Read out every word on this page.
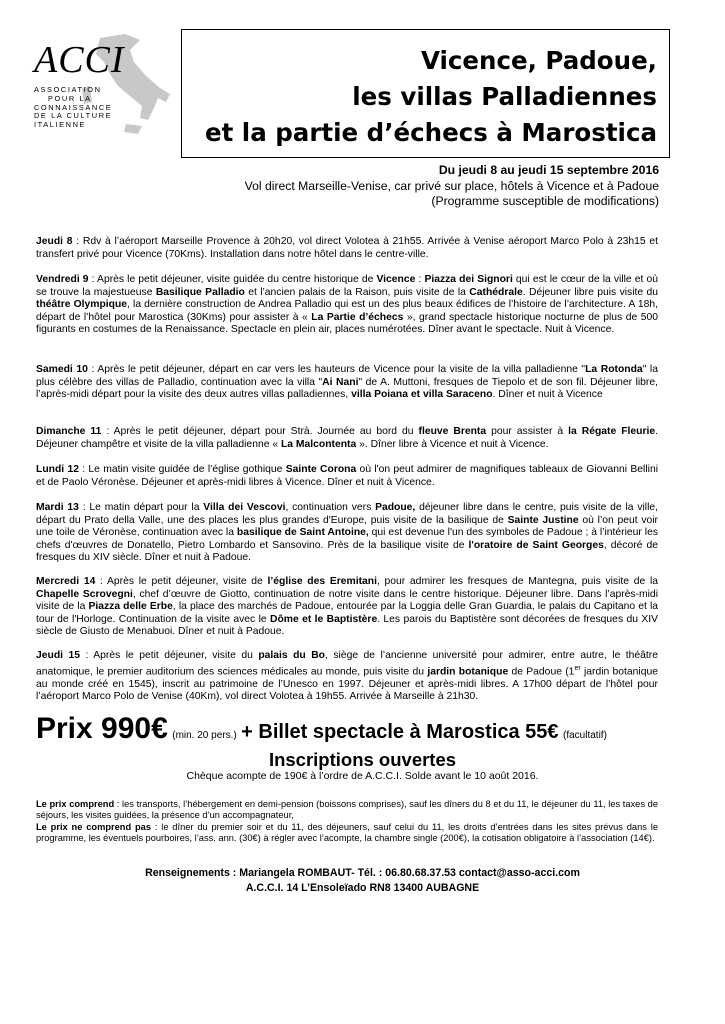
ACCI
ASSOCIATION
POUR LA
CONNAISSANCE
DE LA CULTURE
ITALIENNE
Vicence, Padoue,
les villas Palladiennes
et la partie d’échecs à Marostica
Du jeudi 8 au jeudi 15 septembre 2016
Vol direct Marseille-Venise, car privé sur place, hôtels à Vicence et à Padoue
(Programme susceptible de modifications)
Jeudi 8 : Rdv à l’aéroport Marseille Provence à 20h20, vol direct Volotea à 21h55. Arrivée à Venise aéroport Marco Polo à 23h15 et transfert privé pour Vicence (70Kms). Installation dans notre hôtel dans le centre-ville.
Vendredi 9 : Après le petit déjeuner, visite guidée du centre historique de Vicence : Piazza dei Signori qui est le cœur de la ville et où se trouve la majestueuse Basilique Palladio et l’ancien palais de la Raison, puis visite de la Cathédrale. Déjeuner libre puis visite du théâtre Olympique, la dernière construction de Andrea Palladio qui est un des plus beaux édifices de l’histoire de l’architecture. A 18h, départ de l’hôtel pour Marostica (30Kms) pour assister à « La Partie d’échecs », grand spectacle historique nocturne de plus de 500 figurants en costumes de la Renaissance. Spectacle en plein air, places numérotées. Dîner avant le spectacle. Nuit à Vicence.
Samedi 10 : Après le petit déjeuner, départ en car vers les hauteurs de Vicence pour la visite de la villa palladienne "La Rotonda" la plus célèbre des villas de Palladio, continuation avec la villa "Ai Nani" de A. Muttoni, fresques de Tiepolo et de son fil. Déjeuner libre, l’après-midi départ pour la visite des deux autres villas palladiennes, villa Poiana et villa Saraceno. Dîner et nuit à Vicence
Dimanche 11 : Après le petit déjeuner, départ pour Strà. Journée au bord du fleuve Brenta pour assister à la Régate Fleurie. Déjeuner champêtre et visite de la villa palladienne « La Malcontenta ». Dîner libre à Vicence et nuit à Vicence.
Lundi 12 : Le matin visite guidée de l’église gothique Sainte Corona où l'on peut admirer de magnifiques tableaux de Giovanni Bellini et de Paolo Véronèse. Déjeuner et après-midi libres à Vicence. Dîner et nuit à Vicence.
Mardi 13 : Le matin départ pour la Villa dei Vescovi, continuation vers Padoue, déjeuner libre dans le centre, puis visite de la ville, départ du Prato della Valle, une des places les plus grandes d'Europe, puis visite de la basilique de Sainte Justine où l’on peut voir une toile de Véronèse, continuation avec la basilique de Saint Antoine, qui est devenue l'un des symboles de Padoue ; à l’intérieur les chefs d'œuvres de Donatello, Pietro Lombardo et Sansovino. Près de la basilique visite de l'oratoire de Saint Georges, décoré de fresques du XIV siècle. Dîner et nuit à Padoue.
Mercredi 14 : Après le petit déjeuner, visite de l’église des Eremitani, pour admirer les fresques de Mantegna, puis visite de la Chapelle Scrovegni, chef d’œuvre de Giotto, continuation de notre visite dans le centre historique. Déjeuner libre. Dans l’après-midi visite de la Piazza delle Erbe, la place des marchés de Padoue, entourée par la Loggia delle Gran Guardia, le palais du Capitano et la tour de l'Horloge. Continuation de la visite avec le Dôme et le Baptistère. Les parois du Baptistère sont décorées de fresques du XIV siècle de Giusto de Menabuoi. Dîner et nuit à Padoue.
Jeudi 15 : Après le petit déjeuner, visite du palais du Bo, siège de l’ancienne université pour admirer, entre autre, le théâtre anatomique, le premier auditorium des sciences médicales au monde, puis visite du jardin botanique de Padoue (1er jardin botanique au monde créé en 1545), inscrit au patrimoine de l’Unesco en 1997. Déjeuner et après-midi libres. A 17h00 départ de l’hôtel pour l’aéroport Marco Polo de Venise (40Km), vol direct Volotea à 19h55. Arrivée à Marseille à 21h30.
Prix 990€ (min. 20 pers.) + Billet spectacle à Marostica 55€ (facultatif)
Inscriptions ouvertes
Chèque acompte de 190€ à l’ordre de A.C.C.I. Solde avant le 10 août 2016.
Le prix comprend : les transports, l’hébergement en demi-pension (boissons comprises), sauf les dîners du 8 et du 11, le déjeuner du 11, les taxes de séjours, les visites guidées, la présence d’un accompagnateur,
Le prix ne comprend pas : le dîner du premier soir et du 11, des déjeuners, sauf celui du 11, les droits d’entrées dans les sites prévus dans le programme, les éventuels pourboires, l’ass. ann. (30€) à régler avec l’acompte, la chambre single (200€), la cotisation obligatoire à l’association (14€).
Renseignements : Mariangela ROMBAUT- Tél. : 06.80.68.37.53 contact@asso-acci.com
A.C.C.I. 14 L’Ensoleïado RN8 13400 AUBAGNE
